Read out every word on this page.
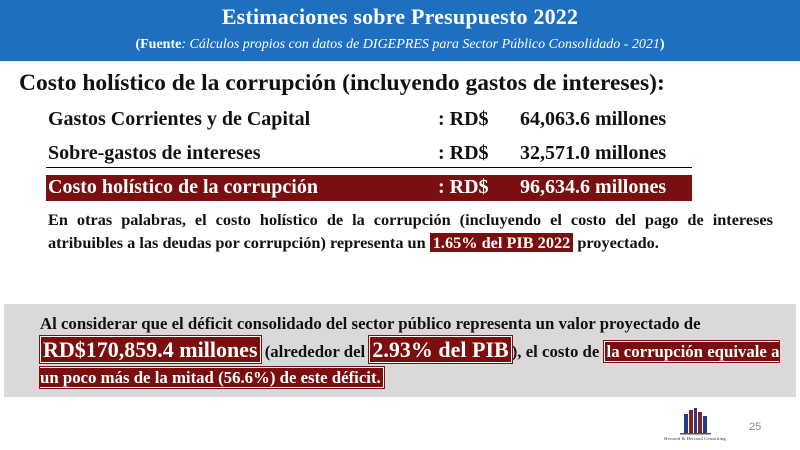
Estimaciones sobre Presupuesto 2022
(Fuente: Cálculos propios con datos de DIGEPRES para Sector Público Consolidado - 2021)
Costo holístico de la corrupción (incluyendo gastos de intereses):
Gastos Corrientes y de Capital	: RD$ 64,063.6 millones
Sobre-gastos de intereses	: RD$ 32,571.0 millones
Costo holístico de la corrupción	: RD$ 96,634.6 millones
En otras palabras, el costo holístico de la corrupción (incluyendo el costo del pago de intereses atribuibles a las deudas por corrupción) representa un 1.65% del PIB 2022 proyectado.
Al considerar que el déficit consolidado del sector público representa un valor proyectado de RD$170,859.4 millones (alrededor del 2.93% del PIB ), el costo de la corrupción equivale a un poco más de la mitad (56.6%) de este déficit.
Herrand & Herrand Consulting
25
